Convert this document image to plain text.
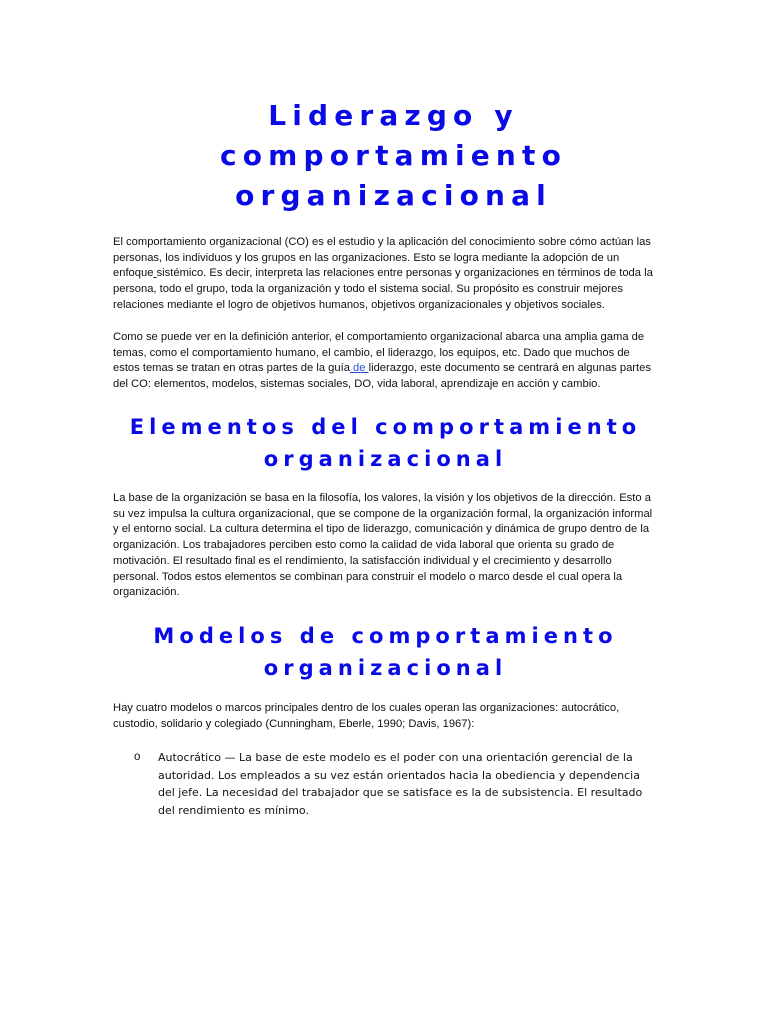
Liderazgo y comportamiento organizacional

El comportamiento organizacional (CO) es el estudio y la aplicación del conocimiento sobre cómo actúan las personas, los individuos y los grupos en las organizaciones. Esto se logra mediante la adopción de un enfoque sistémico. Es decir, interpreta las relaciones entre personas y organizaciones en términos de toda la persona, todo el grupo, toda la organización y todo el sistema social. Su propósito es construir mejores relaciones mediante el logro de objetivos humanos, objetivos organizacionales y objetivos sociales.

Como se puede ver en la definición anterior, el comportamiento organizacional abarca una amplia gama de temas, como el comportamiento humano, el cambio, el liderazgo, los equipos, etc. Dado que muchos de estos temas se tratan en otras partes de la guía de liderazgo, este documento se centrará en algunas partes del CO: elementos, modelos, sistemas sociales, DO, vida laboral, aprendizaje en acción y cambio.

Elementos del comportamiento organizacional

La base de la organización se basa en la filosofía, los valores, la visión y los objetivos de la dirección. Esto a su vez impulsa la cultura organizacional, que se compone de la organización formal, la organización informal y el entorno social. La cultura determina el tipo de liderazgo, comunicación y dinámica de grupo dentro de la organización. Los trabajadores perciben esto como la calidad de vida laboral que orienta su grado de motivación. El resultado final es el rendimiento, la satisfacción individual y el crecimiento y desarrollo personal. Todos estos elementos se combinan para construir el modelo o marco desde el cual opera la organización.

Modelos de comportamiento organizacional

Hay cuatro modelos o marcos principales dentro de los cuales operan las organizaciones: autocrático, custodio, solidario y colegiado (Cunningham, Eberle, 1990; Davis, 1967):

o Autocrático — La base de este modelo es el poder con una orientación gerencial de la autoridad. Los empleados a su vez están orientados hacia la obediencia y dependencia del jefe. La necesidad del trabajador que se satisface es la de subsistencia. El resultado del rendimiento es mínimo.
